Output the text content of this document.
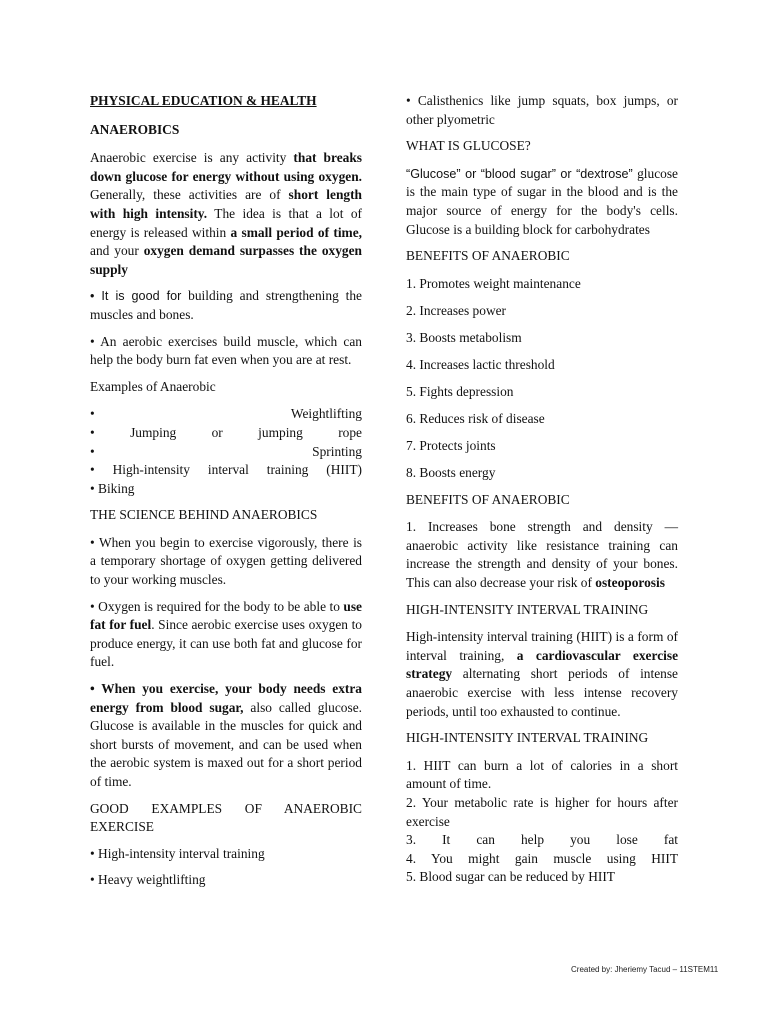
PHYSICAL EDUCATION & HEALTH

ANAEROBICS

Anaerobic exercise is any activity that breaks down glucose for energy without using oxygen. Generally, these activities are of short length with high intensity. The idea is that a lot of energy is released within a small period of time, and your oxygen demand surpasses the oxygen supply

• It is good for building and strengthening the muscles and bones.

• An aerobic exercises build muscle, which can help the body burn fat even when you are at rest.

Examples of Anaerobic

• Weightlifting

• Jumping or jumping rope

• Sprinting

• High-intensity interval training (HIIT)

• Biking

THE SCIENCE BEHIND ANAEROBICS

• When you begin to exercise vigorously, there is a temporary shortage of oxygen getting delivered to your working muscles.

• Oxygen is required for the body to be able to use fat for fuel. Since aerobic exercise uses oxygen to produce energy, it can use both fat and glucose for fuel.

• When you exercise, your body needs extra energy from blood sugar, also called glucose. Glucose is available in the muscles for quick and short bursts of movement, and can be used when the aerobic system is maxed out for a short period of time.

GOOD EXAMPLES OF ANAEROBIC EXERCISE

• High-intensity interval training

• Heavy weightlifting

• Calisthenics like jump squats, box jumps, or other plyometric

WHAT IS GLUCOSE?

“Glucose” or “blood sugar” or “dextrose” glucose is the main type of sugar in the blood and is the major source of energy for the body's cells. Glucose is a building block for carbohydrates

BENEFITS OF ANAEROBIC

1. Promotes weight maintenance

2. Increases power

3. Boosts metabolism

4. Increases lactic threshold

5. Fights depression

6. Reduces risk of disease

7. Protects joints

8. Boosts energy

BENEFITS OF ANAEROBIC

1. Increases bone strength and density — anaerobic activity like resistance training can increase the strength and density of your bones. This can also decrease your risk of osteoporosis

HIGH-INTENSITY INTERVAL TRAINING

High-intensity interval training (HIIT) is a form of interval training, a cardiovascular exercise strategy alternating short periods of intense anaerobic exercise with less intense recovery periods, until too exhausted to continue.

HIGH-INTENSITY INTERVAL TRAINING

1. HIIT can burn a lot of calories in a short amount of time.

2. Your metabolic rate is higher for hours after exercise

3. It can help you lose fat

4. You might gain muscle using HIIT

5. Blood sugar can be reduced by HIIT

Created by: Jheriemy Tacud – 11STEM11
